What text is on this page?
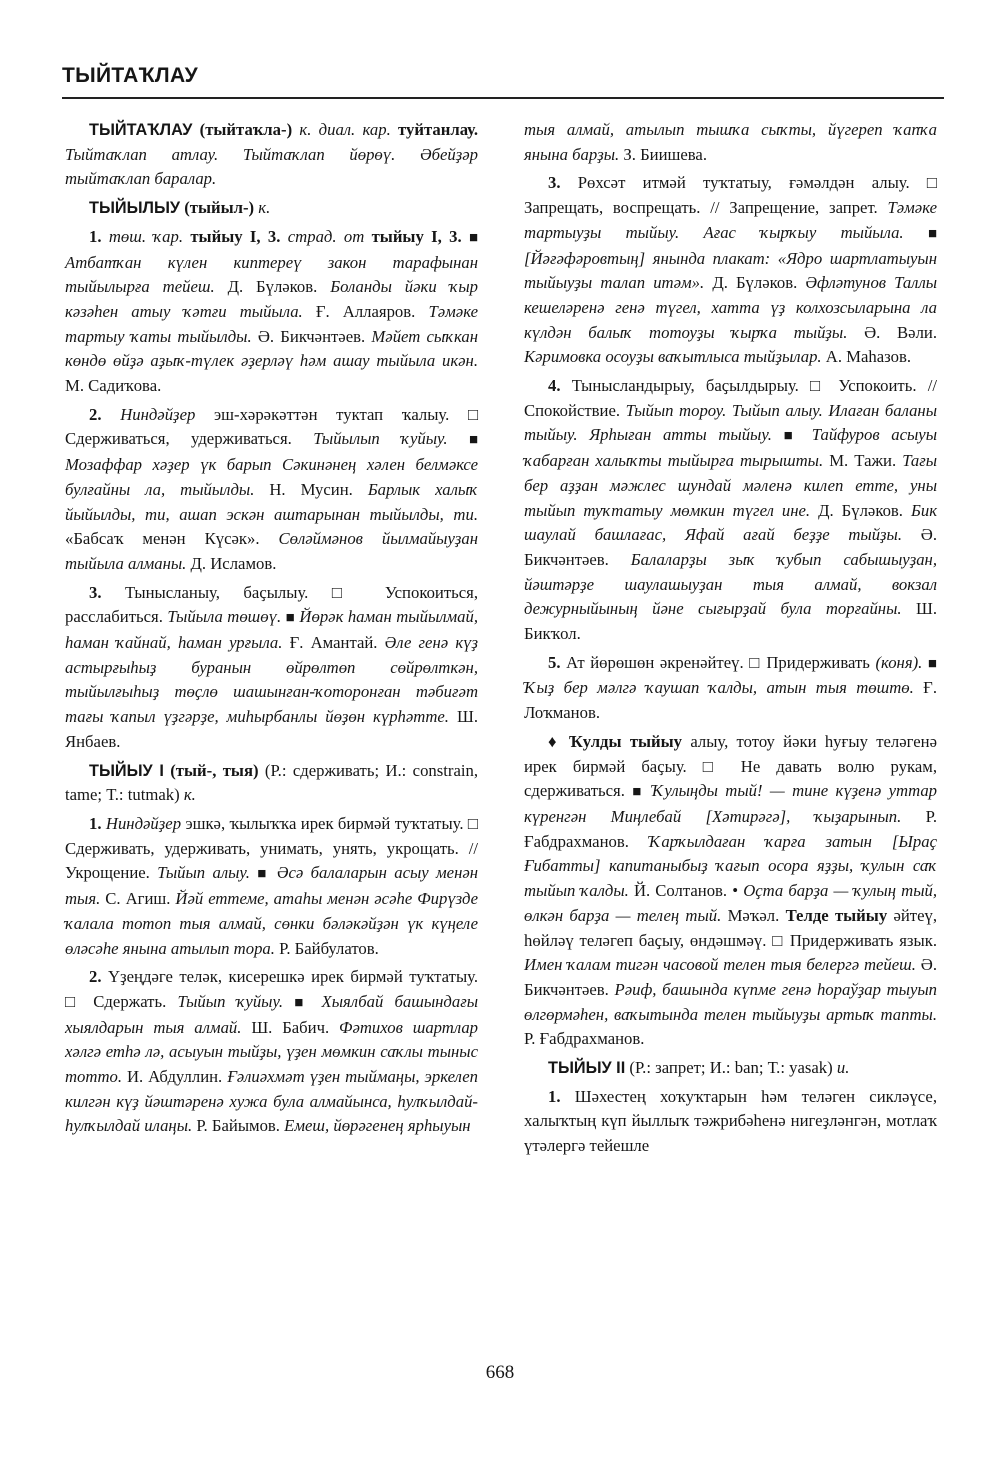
ТЫЙТАҠЛАУ

ТЫЙТАҠЛАУ (тыйтаҡла-) к. диал. кар. туйтанлау. Тыйтаҡлап атлау. Тыйтаҡлап йөрөү. Әбейҙәр тыйтаҡлап баралар.

ТЫЙЫЛЫУ (тыйыл-) к.

1. төш. ҡар. тыйыу I, 3. страд. от тыйыу I, 3. ■ Атбатҡан күлен киптереү закон тарафынан тыйылырға тейеш. Д. Бүләков. Боланды йәки ҡыр кәзәһен атыу ҡәтғи тыйыла. Ғ. Аллаяров. Тәмәке тартыу ҡаты тыйылды. Ә. Бикчәнтәев. Мәйет сыҡкан көндө өйҙә аҙыҡ-түлек әҙерләү һәм ашау тыйыла икән. М. Садиҡова.

2. Ниндәйҙер эш-хәрәкәттән туктап ҡалыу. □ Сдерживаться, удерживаться. Тыйылып ҡуйыу. ■ Мозаффар хәҙер үк барып Сәкинәнең хәлен белмәксе булғайны ла, тыйылды. Н. Мусин. Барлык халыҡ йыйылды, ти, ашап эскән аштарынан тыйылды, ти. «Бабсаҡ менән Күсәк». Сөләймәнов йылмайыуҙан тыйыла алманы. Д. Исламов.

3. Тынысланыу, баҫылыу. □ Успокоиться, расслабиться. Тыйыла төшөү. ■ Йөрәк һаман тыйылмай, һаман ҡайнай, һаман урғыла. Ғ. Амантай. Әле генә күҙ астырғыһыҙ буранын өйрөлтөп сөйрөлткән, тыйылғыһыҙ төҫлө шашынған-ҡоторонған тәбиғәт тағы ҡапыл үҙгәрҙе, миһырбанлы йөҙөн күрһәтте. Ш. Янбаев.

ТЫЙЫУ I (тый-, тыя) (Р.: сдерживать; И.: constrain, tame; Т.: tutmak) к.

1. Ниндәйҙер эшкә, ҡылыҡҡа ирек бирмәй туҡтатыу. □ Сдерживать, удерживать, унимать, унять, укрощать. // Укрощение. Тыйып алыу. ■ Әсә балаларын асыу менән тыя. С. Агиш. Йәй еттеме, атаһы менән әсәһе Фирүзде ҡалала тотоп тыя алмай, сөнки бәләкәйҙән үк күңеле өләсәһе янына атылып тора. Р. Байбулатов.

2. Үҙеңдәге теләк, кисерешкә ирек бирмәй туҡтатыу. □ Сдержать. Тыйып ҡуйыу. ■ Хыялбай башындағы хыялдарын тыя алмай. Ш. Бабич. Фәтихов шартлар хәлгә етһә лә, асыуын тыйҙы, үҙен мөмкин саҡлы тыныс тотто. И. Абдуллин. Ғәлиәхмәт үҙен тыймаңы, эркелеп килгән күҙ йәштәренә хужа була алмайынса, һулҡылдай-һулҡылдай илаңы. Р. Байымов. Емеш, йөрәгенең ярһыуын

тыя алмай, атылып тышҡа сыҡты, йүгереп ҡапҡа янына барҙы. З. Биишева.

3. Рөхсәт итмәй туҡтатыу, ғәмәлдән алыу. □ Запрещать, воспрещать. // Запрещение, запрет. Тәмәке тартыуҙы тыйыу. Ағас ҡырҡыу тыйыла. ■ [Йәғәфәровтың] янында плакат: «Ядро шартлатыуын тыйыуҙы талап итәм». Д. Бүләков. Әфләтунов Таллы кешеләренә генә түгел, хатта үҙ колхозсыларына ла күлдән балыҡ тотоуҙы ҡырҡа тыйҙы. Ә. Вәли. Кәримовка осоуҙы ваҡытлыса тыйҙылар. А. Маһазов.

4. Тынысландырыу, баҫылдырыу. □ Успокоить. // Спокойствие. Тыйып тороу. Тыйып алыу. Илаған баланы тыйыу. Ярһыған атты тыйыу. ■ Тайфуров асыуы ҡабарған халыҡты тыйырға тырышты. М. Тажи. Тағы бер аҙҙан мәжлес шундай мәленә килеп етте, уны тыйып туҡтатыу мөмкин түгел ине. Д. Бүләков. Бик шаулай башлағас, Яфай ағай беҙҙе тыйҙы. Ә. Бикчәнтәев. Балаларҙы зыҡ ҡубып сабышыуҙан, йәштәрҙе шаулашыуҙан тыя алмай, вокзал дежурныйының йәне сығырҙай була торғайны. Ш. Бикҡол.

5. Ат йөрөшөн әкренәйтеү. □ Придерживать (коня). ■ Ҡыҙ бер мәлгә ҡаушап ҡалды, атын тыя төштө. Ғ. Лоҡманов.

♦ Ҡулды тыйыу алыу, тотоу йәки һуғыу теләгенә ирек бирмәй баҫыу. □ Не давать волю рукам, сдерживаться. ■ Ҡулыңды тый! — тине күҙенә уттар күренгән Миңлебай [Хәтирәгә], ҡыҙарынып. Р. Ғабдрахманов. Ҡарҡылдаған ҡарға затын [Ыраҫ Ғибатты] капитаныбыҙ ҡағып осора яҙҙы, ҡулын саҡ тыйып ҡалды. Й. Солтанов. • Оҫта барҙа — ҡулың тый, өлкән барҙа — телең тый. Мәҡәл. Телде тыйыу әйтеү, һөйләү теләгеп баҫыу, өндәшмәү. □ Придерживать язык. Имен ҡалам тигән часовой телен тыя белергә тейеш. Ә. Бикчәнтәев. Рәиф, башында күпме генә һораўҙар тыуып өлгөрмәһен, ваҡытында телен тыйыуҙы артыҡ тапты. Р. Ғабдрахманов.

ТЫЙЫУ II (Р.: запрет; И.: ban; Т.: yasak) и.

1. Шәхестең хоҡуҡтарын һәм теләген сикләүсе, халыҡтың күп йыллыҡ тәжрибәһенә нигеҙләнгән, мотлаҡ үтәлергә тейешле

668
